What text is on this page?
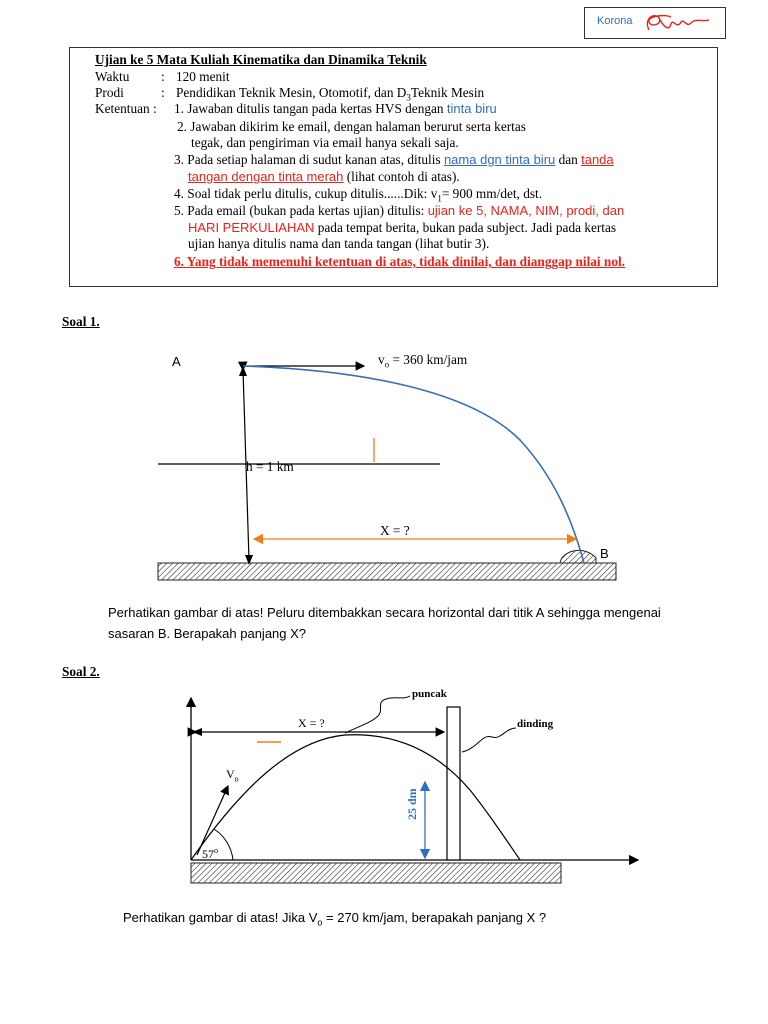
Korona
Ujian ke 5 Mata Kuliah Kinematika dan Dinamika Teknik
Waktu : 120 menit
Prodi	: Pendidikan Teknik Mesin, Otomotif, dan $D_3Teknik$ Mesin
Ketentuan : 1. Jawaban ditulis tangan pada kertas HVS dengan tinta biru
2. Jawaban dikirim ke email, dengan halaman berurut serta kertas
tegak, dan pengiriman via email hanya sekali saja.
3. Pada setiap halaman di sudut kanan atas, ditulis nama dgn tinta biru dan tanda
tangan dengan tinta merah (lihat contoh di atas).
4. Soal tidak perlu ditulis, cukup ditulis......Dik: $v_1= 900$ mm/det, dst.
5. Pada email (bukan pada kertas ujian) ditulis: ujian ke 5, NAMA, NIM, prodi, dan
HARI PERKULIAHAN pada tempat berita, bukan pada subject. Jadi pada kertas
ujian hanya ditulis nama dan tanda tangan (lihat butir 3).
6. Yang tidak memenuhi ketentuan di atas, tidak dinilai, dan dianggap nilai nol.
Soal 1.
A
B
$v_o = 360$ km/jam
h = 1 km
X = ?
Perhatikan gambar di atas! Peluru ditembakkan secara horizontal dari titik A sehingga mengenai
sasaran B. Berapakah panjang X?
Soal 2.
puncak
dinding
X = ?
$V_o$
57$^o$
25 dm
Perhatikan gambar di atas! Jika $V_o = 270$ km/jam, berapakah panjang X ?
